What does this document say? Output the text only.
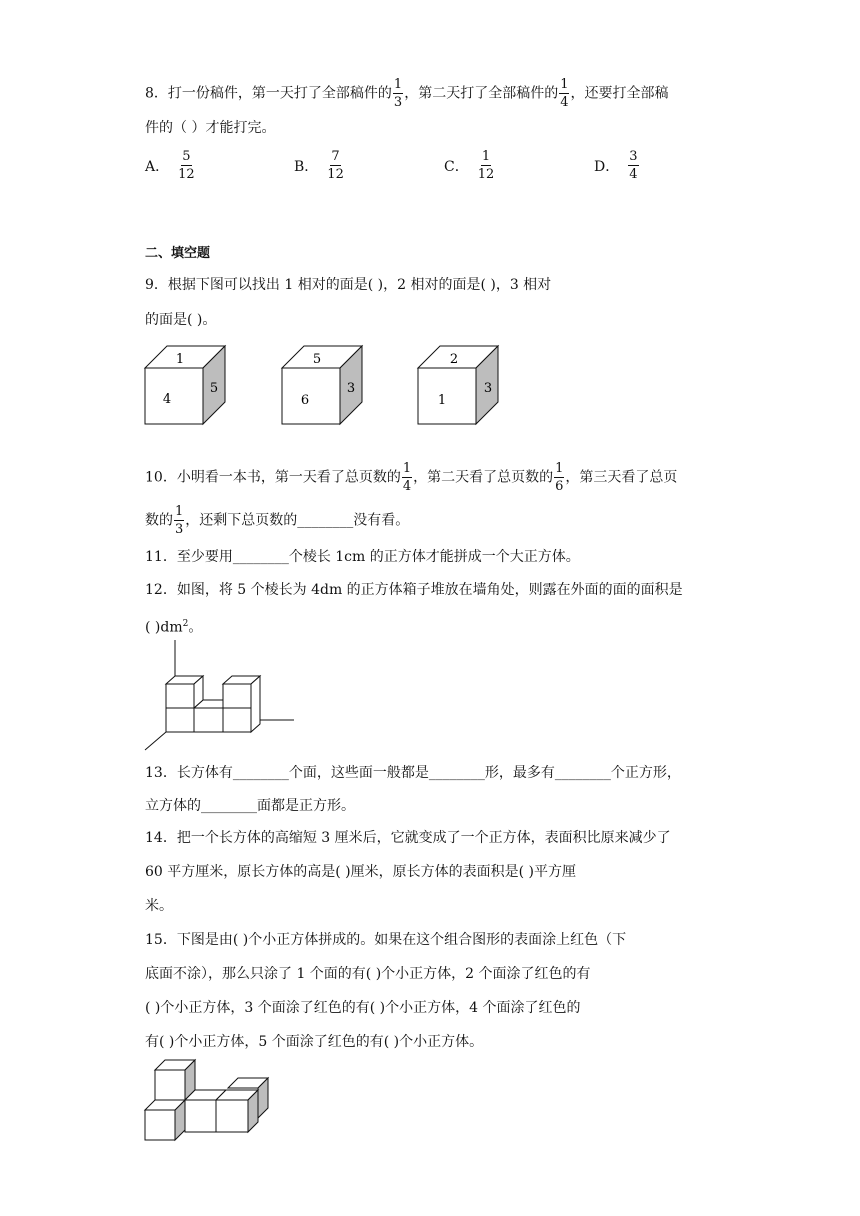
8．打一份稿件，第一天打了全部稿件的 $\frac{1}{3}$ ，第二天打了全部稿件的 $\frac{1}{4}$ ，还要打全部稿
件的（ ）才能打完。
A． $\frac{5}{12}$	B． $\frac{7}{12}$	C． $\frac{1}{12}$	D． $\frac{3}{4}$
二、填空题
9．根据下图可以找出 1 相对的面是( )，2 相对的面是( )，3 相对
的面是( )。
1
4
5
5
6
3
2
1
3
10．小明看一本书，第一天看了总页数的 $\frac{1}{4}$ ，第二天看了总页数的 $\frac{1}{6}$ ，第三天看了总页
数的 $\frac{1}{3}$ ，还剩下总页数的________没有看。
11．至少要用________个棱长 1cm 的正方体才能拼成一个大正方体。
12．如图，将 5 个棱长为 4dm 的正方体箱子堆放在墙角处，则露在外面的面的面积是
( )$dm^2$。
13．长方体有________个面，这些面一般都是________形，最多有________个正方形，
立方体的________面都是正方形。
14．把一个长方体的高缩短 3 厘米后，它就变成了一个正方体，表面积比原来减少了
60 平方厘米，原长方体的高是( )厘米，原长方体的表面积是( )平方厘
米。
15．下图是由( )个小正方体拼成的。如果在这个组合图形的表面涂上红色（下
底面不涂），那么只涂了 1 个面的有( )个小正方体，2 个面涂了红色的有
( )个小正方体，3 个面涂了红色的有( )个小正方体，4 个面涂了红色的
有( )个小正方体，5 个面涂了红色的有( )个小正方体。
